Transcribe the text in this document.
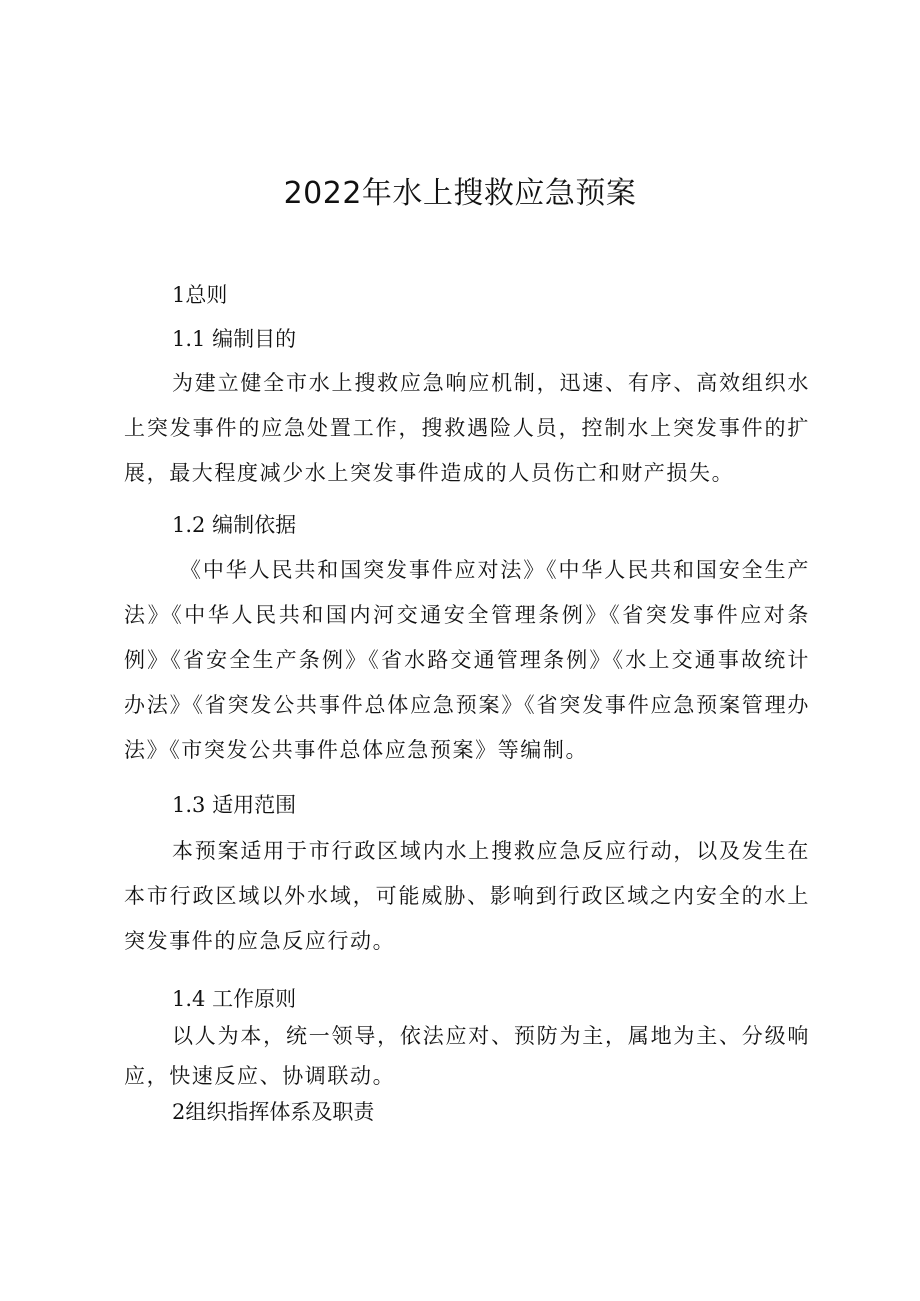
2022年水上搜救应急预案
1总则
1.1 编制目的

为建立健全市水上搜救应急响应机制，迅速、有序、高效组织水上突发事件的应急处置工作，搜救遇险人员，控制水上突发事件的扩展，最大程度减少水上突发事件造成的人员伤亡和财产损失。

1.2 编制依据

《中华人民共和国突发事件应对法》《中华人民共和国安全生产法》《中华人民共和国内河交通安全管理条例》《省突发事件应对条例》《省安全生产条例》《省水路交通管理条例》《水上交通事故统计办法》《省突发公共事件总体应急预案》《省突发事件应急预案管理办法》《市突发公共事件总体应急预案》等编制。

1.3 适用范围

本预案适用于市行政区域内水上搜救应急反应行动，以及发生在本市行政区域以外水域，可能威胁、影响到行政区域之内安全的水上突发事件的应急反应行动。

1.4 工作原则

以人为本，统一领导，依法应对、预防为主，属地为主、分级响应，快速反应、协调联动。

2组织指挥体系及职责
